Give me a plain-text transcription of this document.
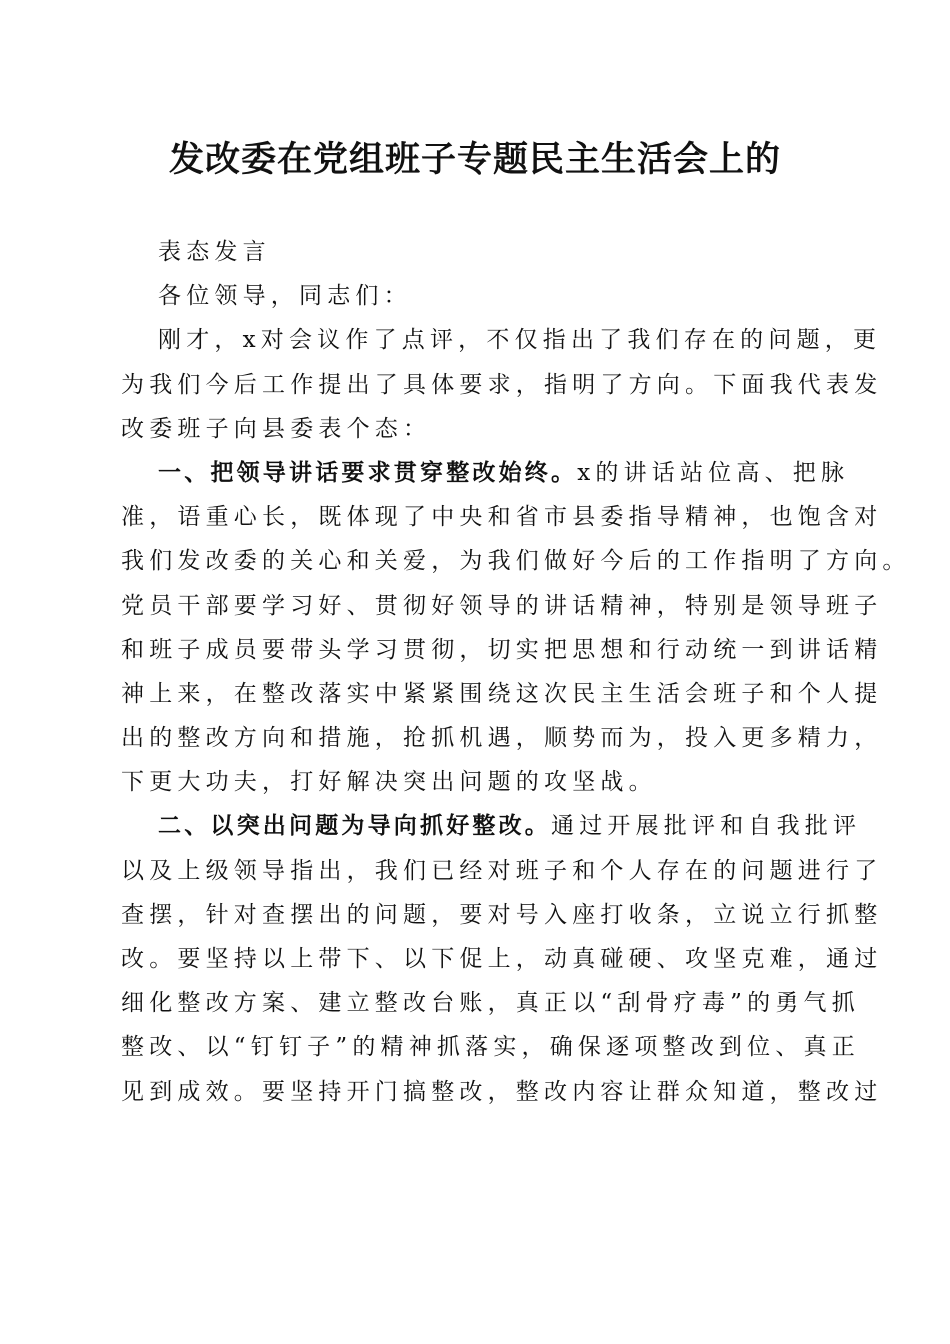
发改委在党组班子专题民主生活会上的
表态发言
各位领导，同志们：
刚才，x对会议作了点评，不仅指出了我们存在的问题，更
为我们今后工作提出了具体要求，指明了方向。下面我代表发
改委班子向县委表个态：
一、把领导讲话要求贯穿整改始终。x的讲话站位高、把脉
准，语重心长，既体现了中央和省市县委指导精神，也饱含对
我们发改委的关心和关爱，为我们做好今后的工作指明了方向。
党员干部要学习好、贯彻好领导的讲话精神，特别是领导班子
和班子成员要带头学习贯彻，切实把思想和行动统一到讲话精
神上来，在整改落实中紧紧围绕这次民主生活会班子和个人提
出的整改方向和措施，抢抓机遇，顺势而为，投入更多精力，
下更大功夫，打好解决突出问题的攻坚战。
二、以突出问题为导向抓好整改。通过开展批评和自我批评
以及上级领导指出，我们已经对班子和个人存在的问题进行了
查摆，针对查摆出的问题，要对号入座打收条，立说立行抓整
改。要坚持以上带下、以下促上，动真碰硬、攻坚克难，通过
细化整改方案、建立整改台账，真正以“刮骨疗毒”的勇气抓
整改、以“钉钉子”的精神抓落实，确保逐项整改到位、真正
见到成效。要坚持开门搞整改，整改内容让群众知道，整改过
